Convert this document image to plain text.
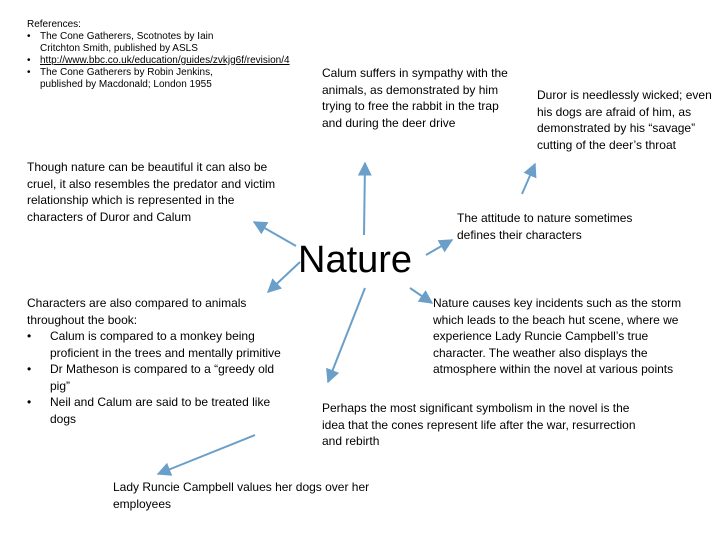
References:
• The Cone Gatherers, Scotnotes by Iain Critchton Smith, published by ASLS
• http://www.bbc.co.uk/education/guides/zvkjg6f/revision/4
• The Cone Gatherers by Robin Jenkins, published by Macdonald; London 1955
Calum suffers in sympathy with the animals, as demonstrated by him trying to free the rabbit in the trap and during the deer drive
Duror is needlessly wicked; even his dogs are afraid of him, as demonstrated by his “savage” cutting of the deer’s throat
Though nature can be beautiful it can also be cruel, it also resembles the predator and victim relationship which is represented in the characters of Duror and Calum	The attitude to nature sometimes defines their characters
Nature
Characters are also compared to animals throughout the book:
• Calum is compared to a monkey being proficient in the trees and mentally primitive
• Dr Matheson is compared to a “greedy old pig”
• Neil and Calum are said to be treated like dogs
Nature causes key incidents such as the storm which leads to the beach hut scene, where we experience Lady Runcie Campbell’s true character. The weather also displays the atmosphere within the novel at various points
Perhaps the most significant symbolism in the novel is the idea that the cones represent life after the war, resurrection and rebirth
Lady Runcie Campbell values her dogs over her employees
